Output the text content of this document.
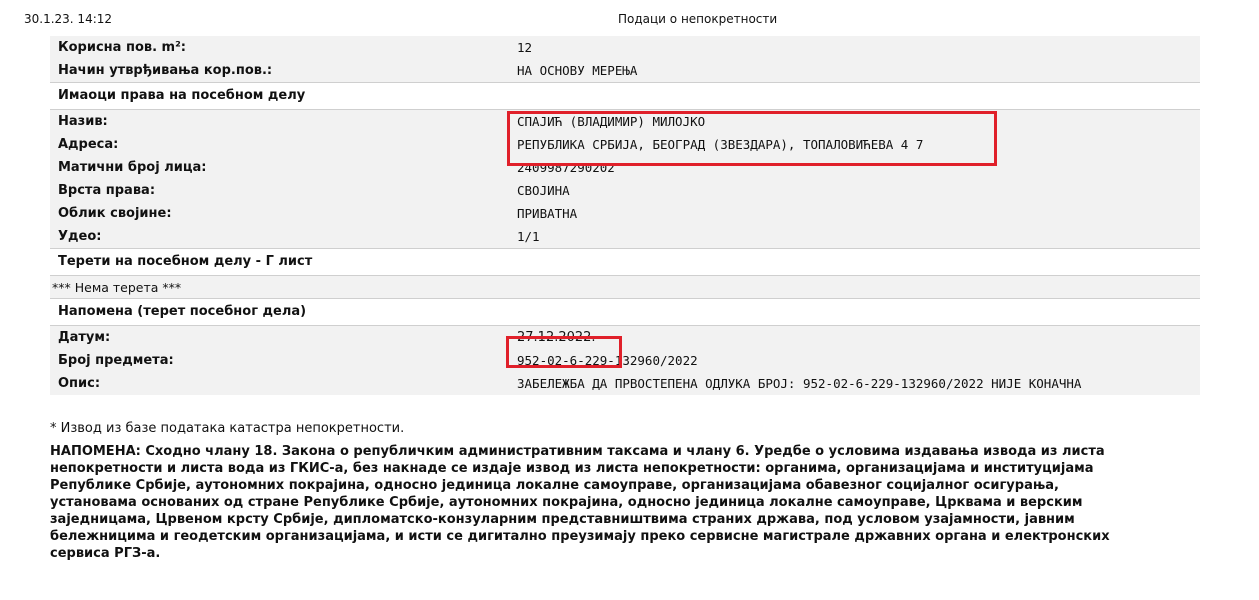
30.1.23. 14:12	Подаци о непокретности
Корисна пов. m²:	12
Начин утврђивања кор.пов.:	НА ОСНОВУ МЕРЕЊА
Имаоци права на посебном делу
Назив:	СПАЈИЋ (ВЛАДИМИР) МИЛОЈКО
Адреса:	РЕПУБЛИКА СРБИЈА, БЕОГРАД (ЗВЕЗДАРА), ТОПАЛОВИЋЕВА 4 7
Матични број лица:	2409987290202
Врста права:	СВОЈИНА
Облик својине:	ПРИВАТНА
Удео:	1/1
Терети на посебном делу - Г лист
*** Нема терета ***
Напомена (терет посебног дела)
Датум:	27.12.2022.
Број предмета:	952-02-6-229-132960/2022
Опис:	ЗАБЕЛЕЖБА ДА ПРВОСТЕПЕНА ОДЛУКА БРОЈ: 952-02-6-229-132960/2022 НИЈЕ КОНАЧНА
* Извод из базе података катастра непокретности.
НАПОМЕНА: Сходно члану 18. Закона о републичким административним таксама и члану 6. Уредбе о условима издавања извода из листа
непокретности и листа вода из ГКИС-а, без накнаде се издаје извод из листа непокретности: органима, организацијама и институцијама
Републике Србије, аутономних покрајина, односно јединица локалне самоуправе, организацијама обавезног социјалног осигурања,
установама основаних од стране Републике Србије, аутономних покрајина, односно јединица локалне самоуправе, Црквама и верским
заједницама, Црвеном крсту Србије, дипломатско-конзуларним представништвима страних држава, под условом узајамности, јавним
бележницима и геодетским организацијама, и исти се дигитално преузимају преко сервисне магистрале државних органа и електронских
сервиса РГЗ-а.
